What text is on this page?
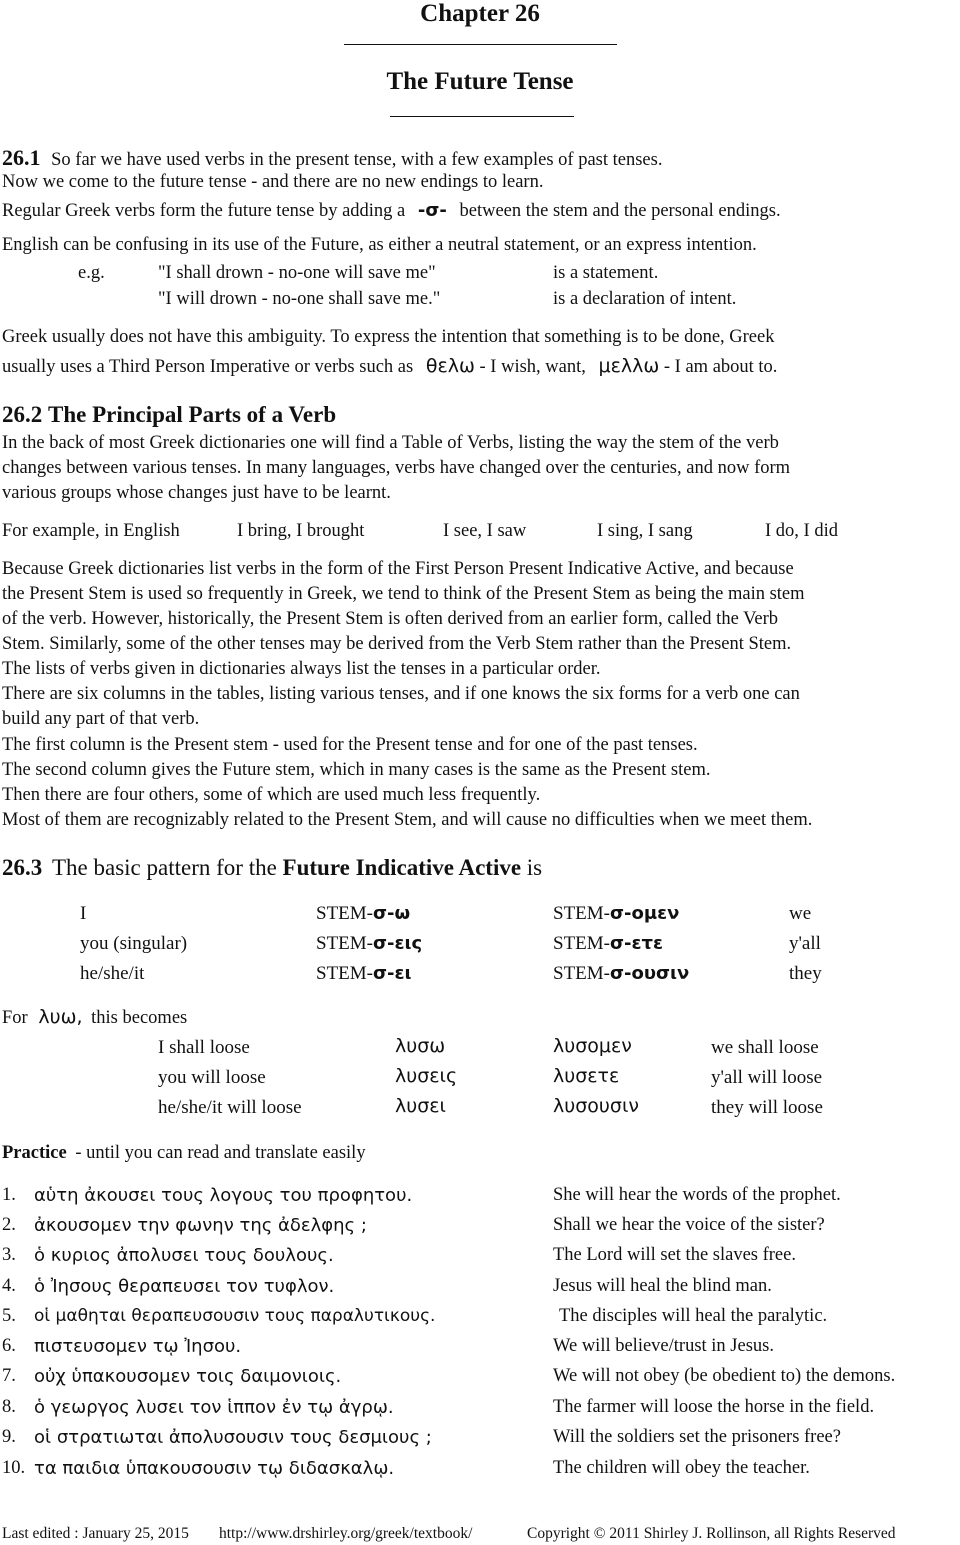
Chapter 26
The Future Tense
26.1 So far we have used verbs in the present tense, with a few examples of past tenses.
Now we come to the future tense - and there are no new endings to learn.
Regular Greek verbs form the future tense by adding a -σ- between the stem and the personal endings.
English can be confusing in its use of the Future, as either a neutral statement, or an express intention.
e.g.	"I shall drown - no-one will save me"	is a statement.
"I will drown - no-one shall save me."	is a declaration of intent.
Greek usually does not have this ambiguity. To express the intention that something is to be done, Greek
usually uses a Third Person Imperative or verbs such as θελω - I wish, want, μελλω - I am about to.
26.2 The Principal Parts of a Verb
In the back of most Greek dictionaries one will find a Table of Verbs, listing the way the stem of the verb
changes between various tenses. In many languages, verbs have changed over the centuries, and now form
various groups whose changes just have to be learnt.
For example, in English	I bring, I brought	I see, I saw	I sing, I sang	I do, I did
Because Greek dictionaries list verbs in the form of the First Person Present Indicative Active, and because
the Present Stem is used so frequently in Greek, we tend to think of the Present Stem as being the main stem
of the verb. However, historically, the Present Stem is often derived from an earlier form, called the Verb
Stem. Similarly, some of the other tenses may be derived from the Verb Stem rather than the Present Stem.
The lists of verbs given in dictionaries always list the tenses in a particular order.
There are six columns in the tables, listing various tenses, and if one knows the six forms for a verb one can
build any part of that verb.
The first column is the Present stem - used for the Present tense and for one of the past tenses.
The second column gives the Future stem, which in many cases is the same as the Present stem.
Then there are four others, some of which are used much less frequently.
Most of them are recognizably related to the Present Stem, and will cause no difficulties when we meet them.
26.3 The basic pattern for the Future Indicative Active is
I	STEM-σ-ω	STEM-σ-ομεν	we
you (singular)	STEM-σ-εις	STEM-σ-ετε	y'all
he/she/it	STEM-σ-ει	STEM-σ-ουσιν	they
For λυω, this becomes
I shall loose	λυσω	λυσομεν	we shall loose
you will loose	λυσεις	λυσετε	y'all will loose
he/she/it will loose	λυσει	λυσουσιν	they will loose
Practice - until you can read and translate easily
1. αὑτη ἀκουσει τους λογους του προφητου.	She will hear the words of the prophet.
2. ἀκουσομεν την φωνην της ἀδελφης ;	Shall we hear the voice of the sister?
3. ὁ κυριος ἀπολυσει τους δουλους.	The Lord will set the slaves free.
4. ὁ Ἰησους θεραπευσει τον τυφλον.	Jesus will heal the blind man.
5. οἱ μαθηται θεραπευσουσιν τους παραλυτικους.	The disciples will heal the paralytic.
6. πιστευσομεν τῳ Ἰησου.	We will believe/trust in Jesus.
7. οὐχ ὑπακουσομεν τοις δαιμονιοις.	We will not obey (be obedient to) the demons.
8. ὁ γεωργος λυσει τον ἱππον ἐν τῳ ἀγρῳ.	The farmer will loose the horse in the field.
9. οἱ στρατιωται ἀπολυσουσιν τους δεσμιους ;	Will the soldiers set the prisoners free?
10. τα παιδια ὑπακουσουσιν τῳ διδασκαλῳ.	The children will obey the teacher.
Last edited : January 25, 2015 http://www.drshirley.org/greek/textbook/	Copyright © 2011 Shirley J. Rollinson, all Rights Reserved
